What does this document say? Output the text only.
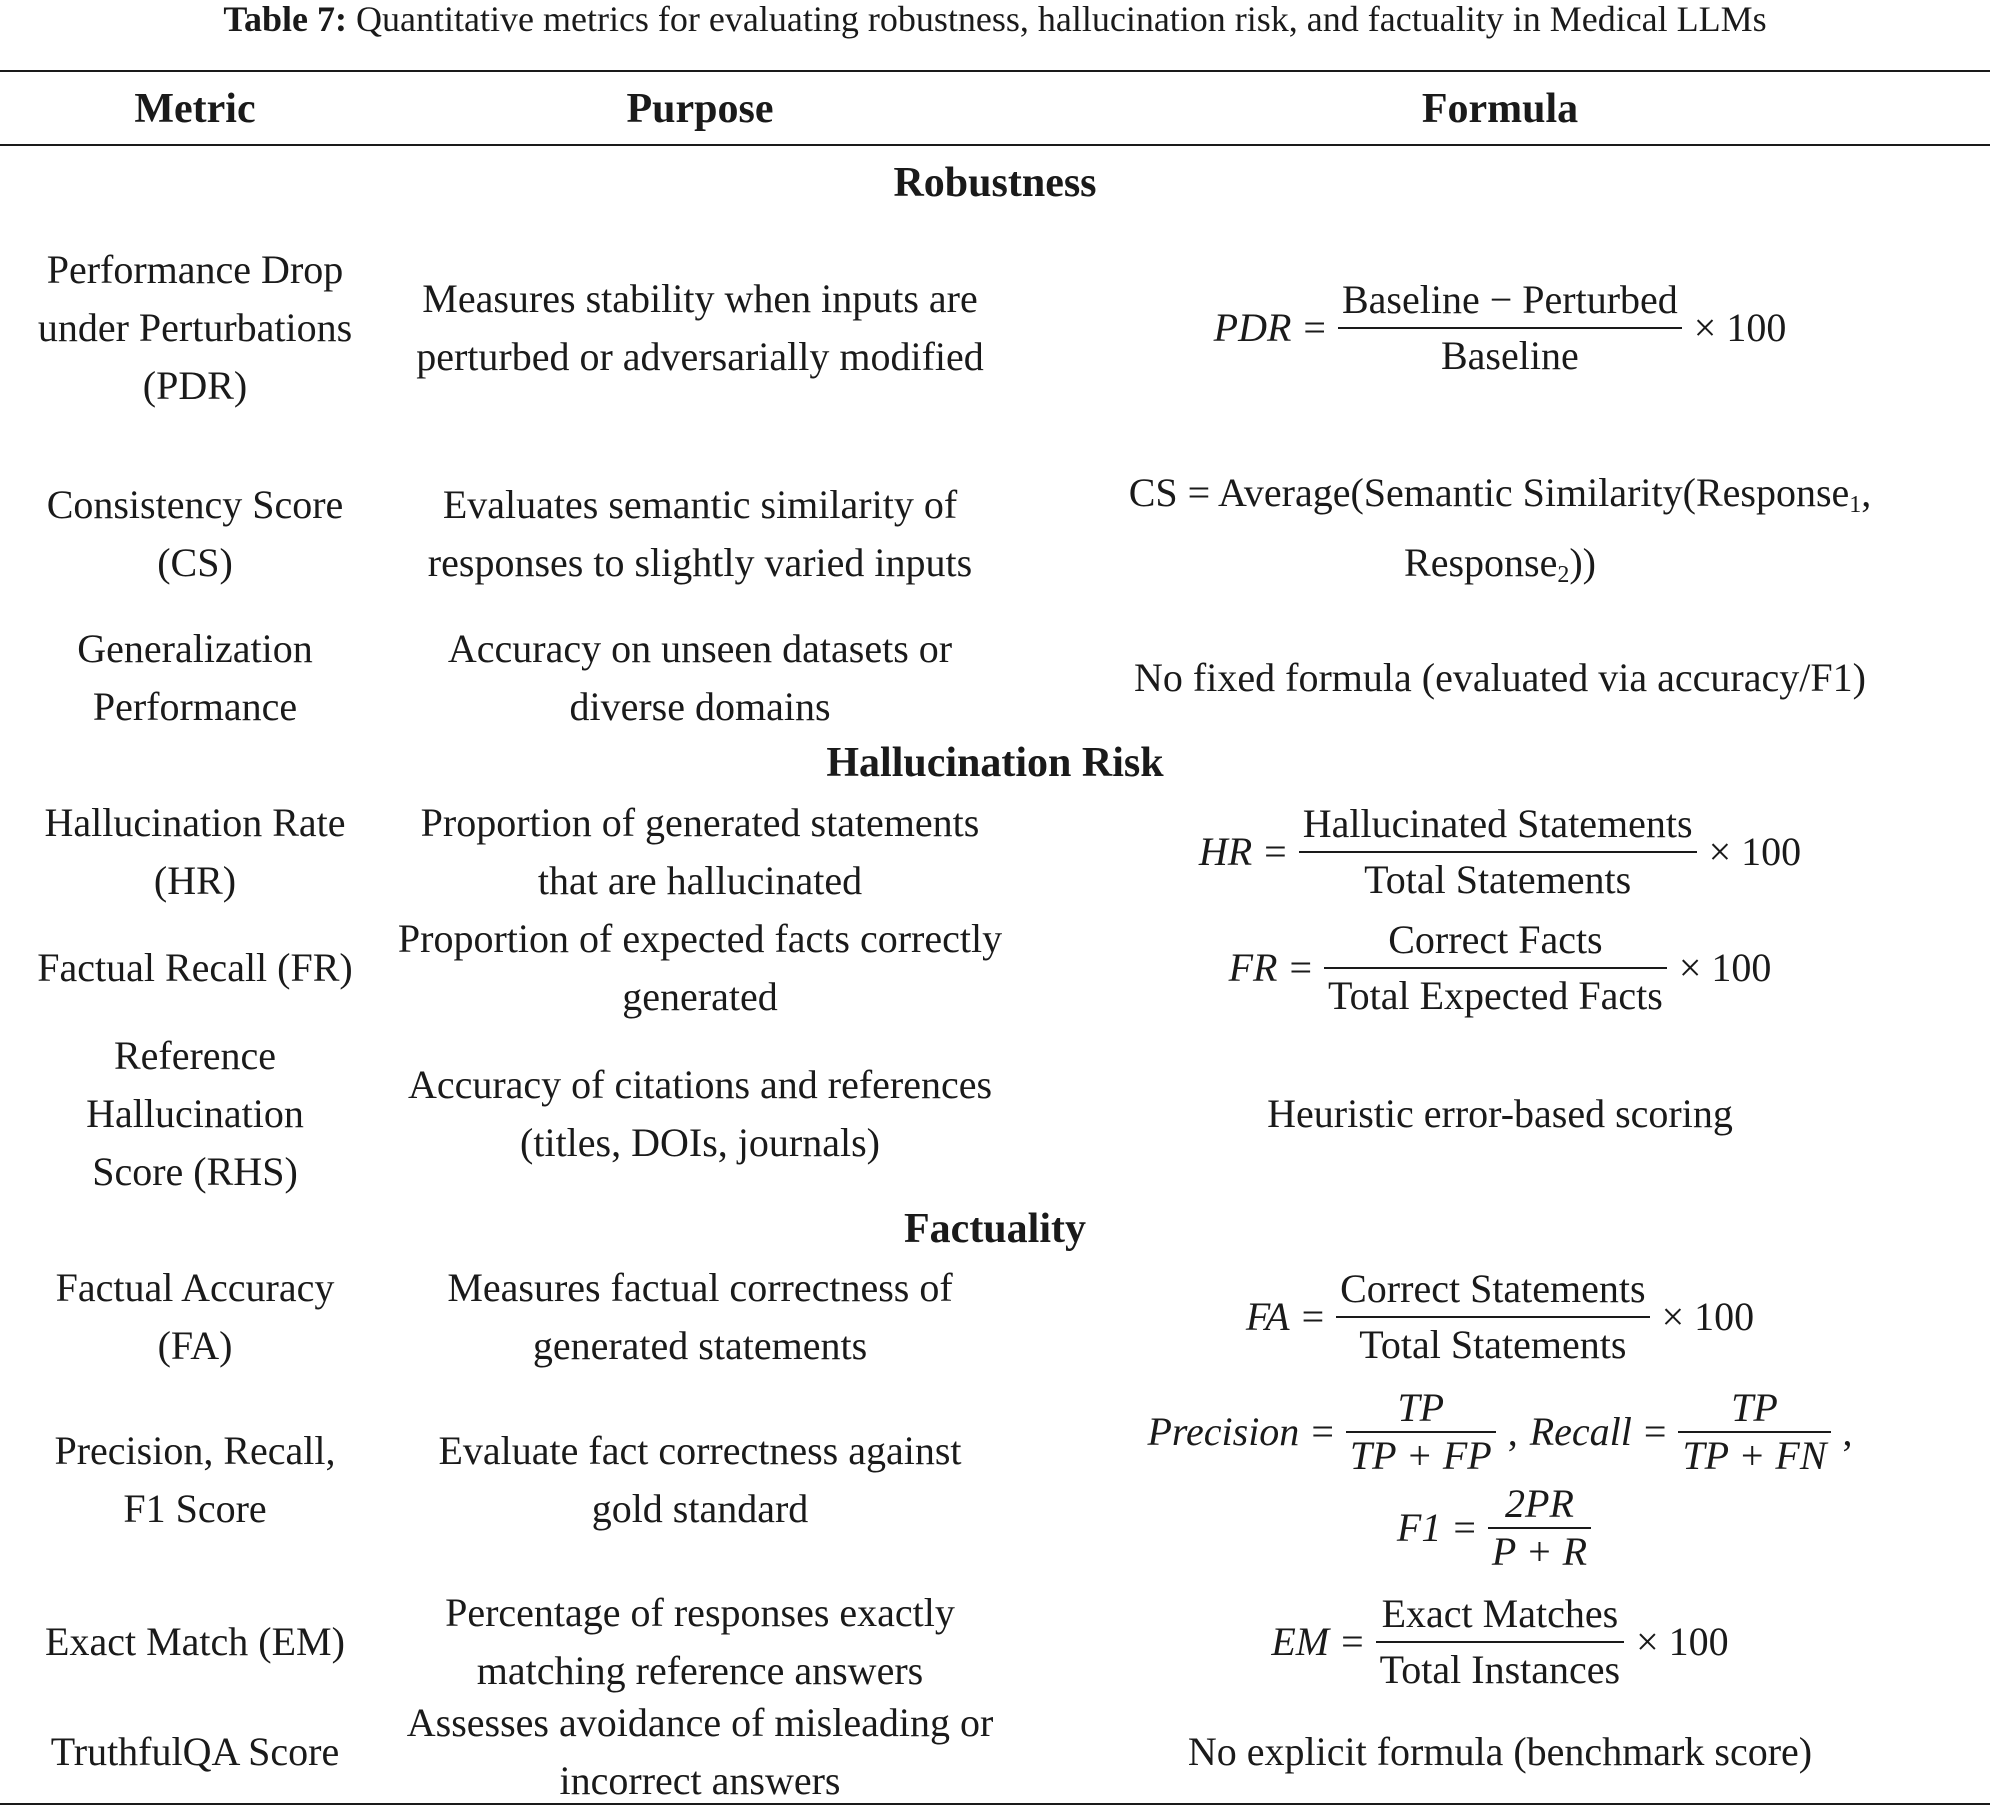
Table 7: Quantitative metrics for evaluating robustness, hallucination risk, and factuality in Medical LLMs
Metric	Purpose	Formula
Robustness
Performance Drop under Perturbations (PDR)
Measures stability when inputs are perturbed or adversarially modified
PDR = $\frac{\text{Baseline − Perturbed}}{\text{Baseline}} \times 100$
Consistency Score (CS)
Evaluates semantic similarity of responses to slightly varied inputs
CS = Average(Semantic Similarity(Response$_1$, Response$_2$))
Generalization Performance
Accuracy on unseen datasets or diverse domains
No fixed formula (evaluated via accuracy/F1)
Hallucination Risk
Hallucination Rate (HR)
Proportion of generated statements that are hallucinated
HR = $\frac{\text{Hallucinated Statements}}{\text{Total Statements}} \times 100$
Factual Recall (FR)
Proportion of expected facts correctly generated
FR = $\frac{\text{Correct Facts}}{\text{Total Expected Facts}} \times 100$
Reference Hallucination Score (RHS)
Accuracy of citations and references (titles, DOIs, journals)
Heuristic error-based scoring
Factuality
Factual Accuracy (FA)
Measures factual correctness of generated statements
FA = $\frac{\text{Correct Statements}}{\text{Total Statements}} \times 100$
Precision, Recall, F1 Score
Evaluate fact correctness against gold standard
Precision = $\frac{TP}{TP + FP}$ , Recall = $\frac{TP}{TP + FN}$ ,
$F1 = \frac{2PR}{P + R}$
Exact Match (EM)
Percentage of responses exactly matching reference answers
EM = $\frac{\text{Exact Matches}}{\text{Total Instances}} \times 100$
TruthfulQA Score
Assesses avoidance of misleading or incorrect answers
No explicit formula (benchmark score)
